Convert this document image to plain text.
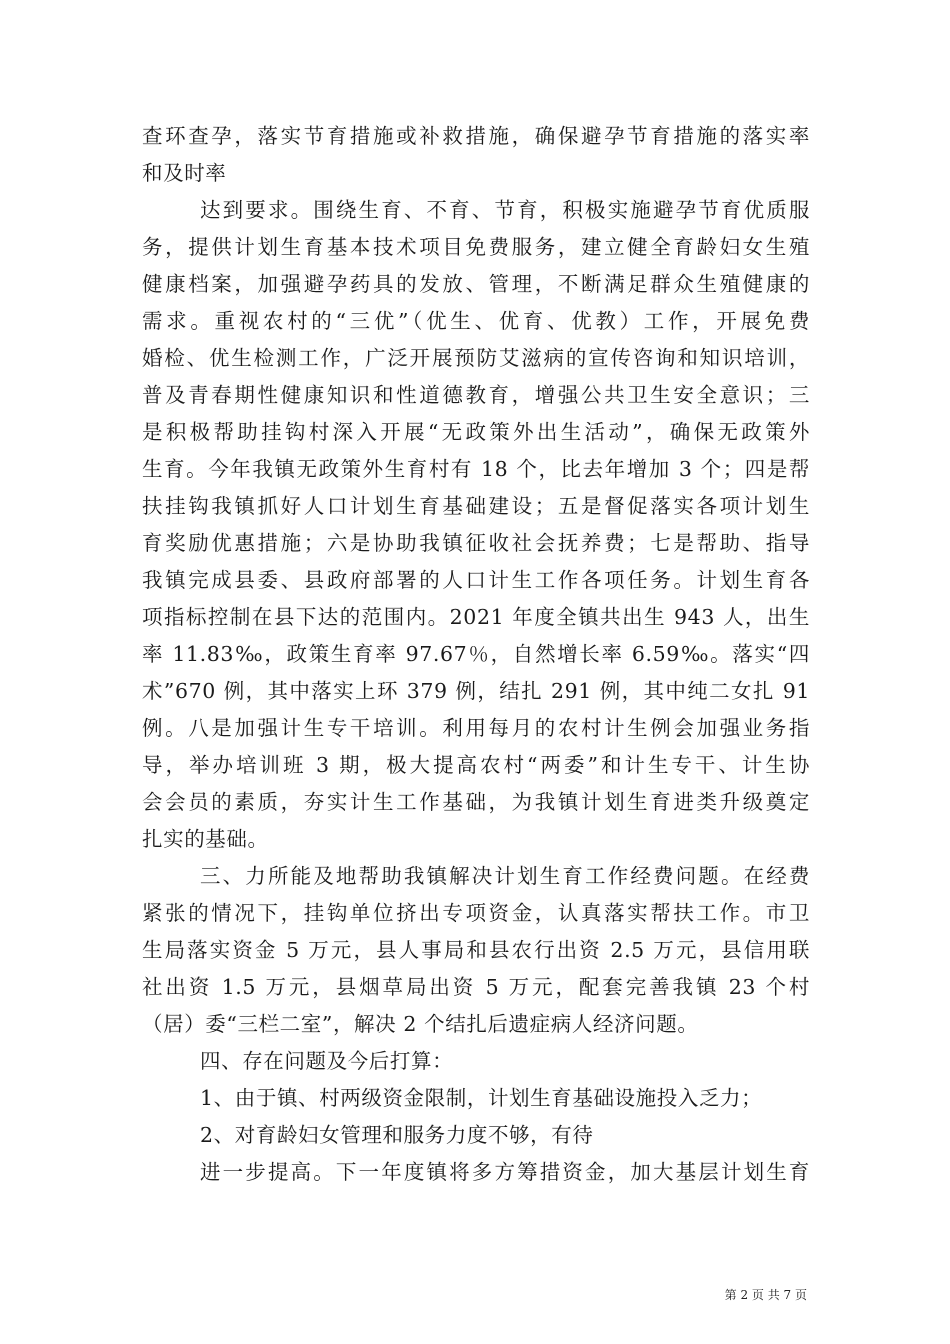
查环查孕，落实节育措施或补救措施，确保避孕节育措施的落实率
和及时率
达到要求。围绕生育、不育、节育，积极实施避孕节育优质服
务，提供计划生育基本技术项目免费服务，建立健全育龄妇女生殖
健康档案，加强避孕药具的发放、管理，不断满足群众生殖健康的
需求。重视农村的“三优”（优生、优育、优教）工作，开展免费
婚检、优生检测工作，广泛开展预防艾滋病的宣传咨询和知识培训，
普及青春期性健康知识和性道德教育，增强公共卫生安全意识；三
是积极帮助挂钩村深入开展“无政策外出生活动”，确保无政策外
生育。今年我镇无政策外生育村有 18 个，比去年增加 3 个；四是帮
扶挂钩我镇抓好人口计划生育基础建设；五是督促落实各项计划生
育奖励优惠措施；六是协助我镇征收社会抚养费；七是帮助、指导
我镇完成县委、县政府部署的人口计生工作各项任务。计划生育各
项指标控制在县下达的范围内。2021 年度全镇共出生 943 人，出生
率 11.83‰，政策生育率 97.67％，自然增长率 6.59‰。落实“四
术”670 例，其中落实上环 379 例，结扎 291 例，其中纯二女扎 91
例。八是加强计生专干培训。利用每月的农村计生例会加强业务指
导，举办培训班 3 期，极大提高农村“两委”和计生专干、计生协
会会员的素质，夯实计生工作基础，为我镇计划生育进类升级奠定
扎实的基础。
三、力所能及地帮助我镇解决计划生育工作经费问题。在经费
紧张的情况下，挂钩单位挤出专项资金，认真落实帮扶工作。市卫
生局落实资金 5 万元，县人事局和县农行出资 2.5 万元，县信用联
社出资 1.5 万元，县烟草局出资 5 万元，配套完善我镇 23 个村
（居）委“三栏二室”，解决 2 个结扎后遗症病人经济问题。
四、存在问题及今后打算：
1、由于镇、村两级资金限制，计划生育基础设施投入乏力；
2、对育龄妇女管理和服务力度不够，有待
进一步提高。下一年度镇将多方筹措资金，加大基层计划生育
第 2 页 共 7 页
